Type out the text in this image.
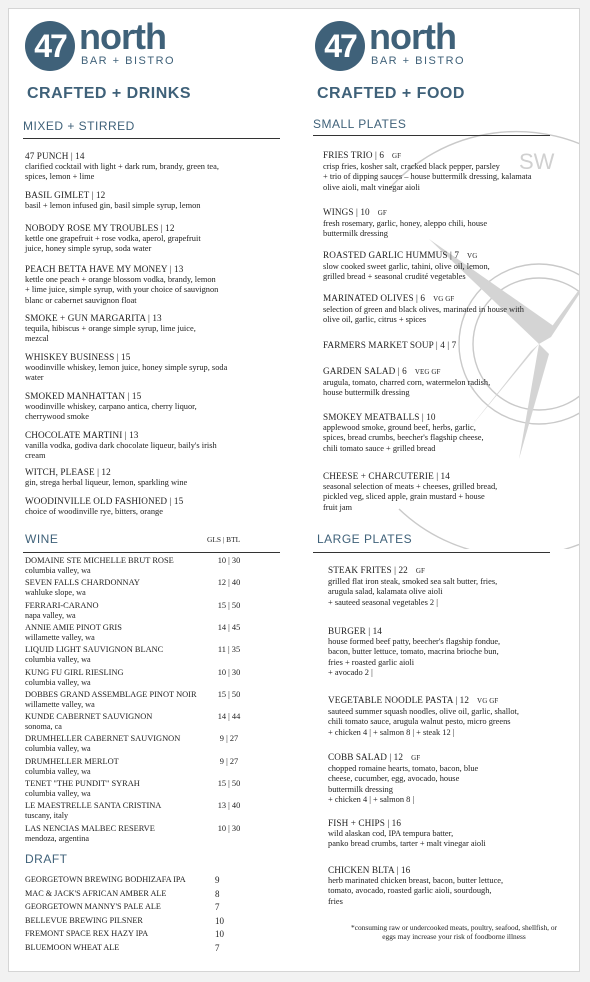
SW
47 north
BAR + BISTRO
CRAFTED + DRINKS
MIXED + STIRRED
47 PUNCH | 14
clarified cocktail with light + dark rum, brandy, green tea,
spices, lemon + lime
BASIL GIMLET | 12
basil + lemon infused gin, basil simple syrup, lemon
NOBODY ROSE MY TROUBLES | 12
kettle one grapefruit + rose vodka, aperol, grapefruit
juice, honey simple syrup, soda water
PEACH BETTA HAVE MY MONEY | 13
kettle one peach + orange blossom vodka, brandy, lemon
+ lime juice, simple syrup, with your choice of sauvignon
blanc or cabernet sauvignon float
SMOKE + GUN MARGARITA | 13
tequila, hibiscus + orange simple syrup, lime juice,
mezcal
WHISKEY BUSINESS | 15
woodinville whiskey, lemon juice, honey simple syrup, soda
water
SMOKED MANHATTAN | 15
woodinville whiskey, carpano antica, cherry liquor,
cherrywood smoke
CHOCOLATE MARTINI | 13
vanilla vodka, godiva dark chocolate liqueur, baily's irish
cream
WITCH, PLEASE | 12
gin, strega herbal liqueur, lemon, sparkling wine
WOODINVILLE OLD FASHIONED | 15
choice of woodinville rye, bitters, orange
WINE	GLS | BTL
DOMAINE STE MICHELLE BRUT ROSE
columbia valley, wa
10 | 30
SEVEN FALLS CHARDONNAY
wahluke slope, wa
12 | 40
FERRARI-CARANO
napa valley, wa
15 | 50
ANNIE AMIE PINOT GRIS
willamette valley, wa
14 | 45
LIQUID LIGHT SAUVIGNON BLANC
columbia valley, wa
11 | 35
KUNG FU GIRL RIESLING
columbia valley, wa
10 | 30
DOBBES GRAND ASSEMBLAGE PINOT NOIR
willamette valley, wa
15 | 50
KUNDE CABERNET SAUVIGNON
sonoma, ca
14 | 44
DRUMHELLER CABERNET SAUVIGNON
columbia valley, wa
9 | 27
DRUMHELLER MERLOT
columbia valley, wa
9 | 27
TENET "THE PUNDIT" SYRAH
columbia valley, wa
15 | 50
LE MAESTRELLE SANTA CRISTINA
tuscany, italy
13 | 40
LAS NENCIAS MALBEC RESERVE
mendoza, argentina
10 | 30
DRAFT
GEORGETOWN BREWING BODHIZAFA IPA	9
MAC & JACK'S AFRICAN AMBER ALE	8
GEORGETOWN MANNY'S PALE ALE	7
BELLEVUE BREWING PILSNER	10
FREMONT SPACE REX HAZY IPA	10
BLUEMOON WHEAT ALE	7
47 north
BAR + BISTRO
CRAFTED + FOOD
SMALL PLATES
FRIES TRIO | 6 GF
crisp fries, kosher salt, cracked black pepper, parsley
+ trio of dipping sauces – house buttermilk dressing, kalamata
olive aioli, malt vinegar aioli
WINGS | 10 GF
fresh rosemary, garlic, honey, aleppo chili, house
buttermilk dressing
ROASTED GARLIC HUMMUS | 7 VG
slow cooked sweet garlic, tahini, olive oil, lemon,
grilled bread + seasonal crudité vegetables
MARINATED OLIVES | 6 VG GF
selection of green and black olives, marinated in house with
olive oil, garlic, citrus + spices
FARMERS MARKET SOUP | 4 | 7
GARDEN SALAD | 6 VEG GF
arugula, tomato, charred corn, watermelon radish,
house buttermilk dressing
SMOKEY MEATBALLS | 10
applewood smoke, ground beef, herbs, garlic,
spices, bread crumbs, beecher's flagship cheese,
chili tomato sauce + grilled bread
CHEESE + CHARCUTERIE | 14
seasonal selection of meats + cheeses, grilled bread,
pickled veg, sliced apple, grain mustard + house
fruit jam
LARGE PLATES
STEAK FRITES | 22 GF
grilled flat iron steak, smoked sea salt butter, fries,
arugula salad, kalamata olive aioli
+ sauteed seasonal vegetables 2 |
BURGER | 14
house formed beef patty, beecher's flagship fondue,
bacon, butter lettuce, tomato, macrina brioche bun,
fries + roasted garlic aioli
+ avocado 2 |
VEGETABLE NOODLE PASTA | 12 VG GF
sauteed summer squash noodles, olive oil, garlic, shallot,
chili tomato sauce, arugula walnut pesto, micro greens
+ chicken 4 | + salmon 8 | + steak 12 |
COBB SALAD | 12 GF
chopped romaine hearts, tomato, bacon, blue
cheese, cucumber, egg, avocado, house
buttermilk dressing
+ chicken 4 | + salmon 8 |
FISH + CHIPS | 16
wild alaskan cod, IPA tempura batter,
panko bread crumbs, tarter + malt vinegar aioli
CHICKEN BLTA | 16
herb marinated chicken breast, bacon, butter lettuce,
tomato, avocado, roasted garlic aioli, sourdough,
fries
*consuming raw or undercooked meats, poultry, seafood, shellfish, or
eggs may increase your risk of foodborne illness
